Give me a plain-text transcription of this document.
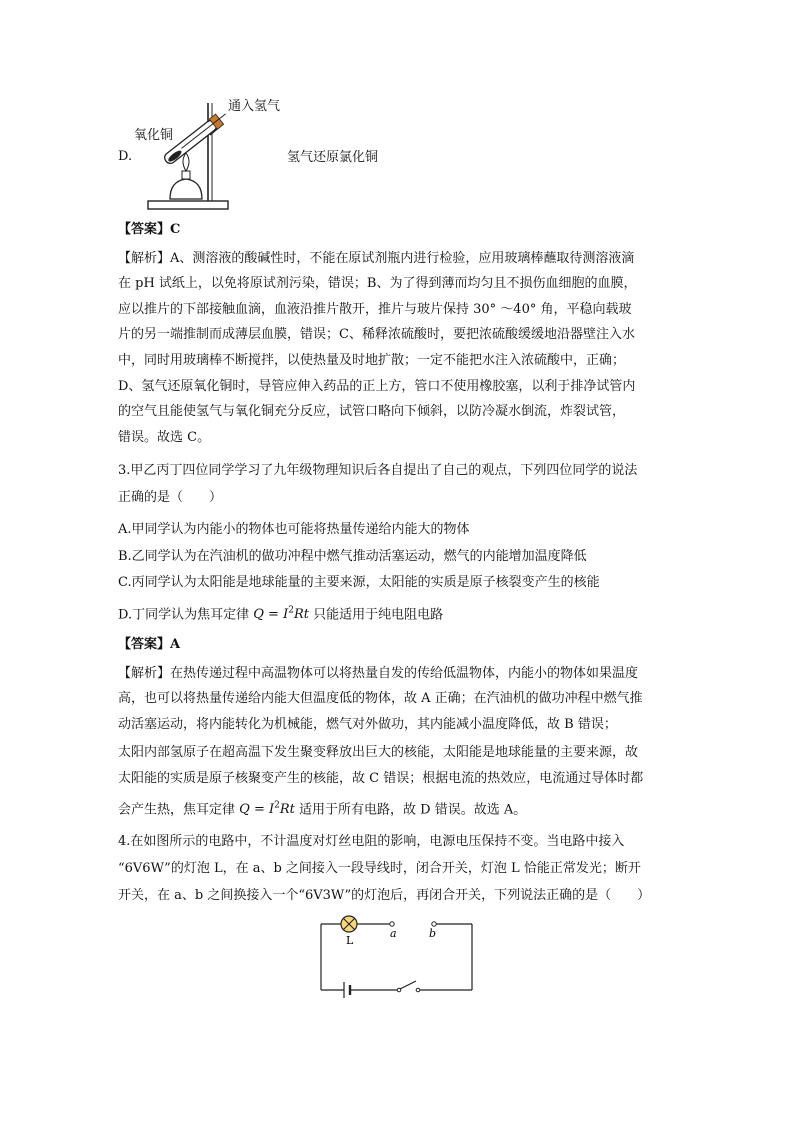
通入氢气
氧化铜
D.	氢气还原氯化铜
【答案】C
【解析】A、测溶液的酸碱性时，不能在原试剂瓶内进行检验，应用玻璃棒蘸取待测溶液滴
在 pH 试纸上，以免将原试剂污染，错误；B、为了得到薄而均匀且不损伤血细胞的血膜，
应以推片的下部接触血滴，血液沿推片散开，推片与玻片保持 30° ～40° 角，平稳向载玻
片的另一端推制而成薄层血膜，错误；C、稀释浓硫酸时，要把浓硫酸缓缓地沿器壁注入水
中，同时用玻璃棒不断搅拌，以使热量及时地扩散；一定不能把水注入浓硫酸中，正确；
D、氢气还原氧化铜时，导管应伸入药品的正上方，管口不使用橡胶塞，以利于排净试管内
的空气且能使氢气与氧化铜充分反应，试管口略向下倾斜，以防冷凝水倒流，炸裂试管，
错误。故选 C。
3.甲乙丙丁四位同学学习了九年级物理知识后各自提出了自己的观点，下列四位同学的说法
正确的是（　　）
A.甲同学认为内能小的物体也可能将热量传递给内能大的物体
B.乙同学认为在汽油机的做功冲程中燃气推动活塞运动，燃气的内能增加温度降低
C.丙同学认为太阳能是地球能量的主要来源，太阳能的实质是原子核裂变产生的核能
D.丁同学认为焦耳定律 $Q = I^2Rt$ 只能适用于纯电阻电路
【答案】A
【解析】在热传递过程中高温物体可以将热量自发的传给低温物体，内能小的物体如果温度
高，也可以将热量传递给内能大但温度低的物体，故 A 正确；在汽油机的做功冲程中燃气推
动活塞运动，将内能转化为机械能，燃气对外做功，其内能减小温度降低，故 B 错误；
太阳内部氢原子在超高温下发生聚变释放出巨大的核能，太阳能是地球能量的主要来源，故
太阳能的实质是原子核聚变产生的核能，故 C 错误；根据电流的热效应，电流通过导体时都
会产生热，焦耳定律 $Q = I^2Rt$ 适用于所有电路，故 D 错误。故选 A。
4.在如图所示的电路中，不计温度对灯丝电阻的影响，电源电压保持不变。当电路中接入
“6V6W”的灯泡 L，在 a、b 之间接入一段导线时，闭合开关，灯泡 L 恰能正常发光；断开
开关，在 a、b 之间换接入一个“6V3W”的灯泡后，再闭合开关，下列说法正确的是（　　）
L
a	b
